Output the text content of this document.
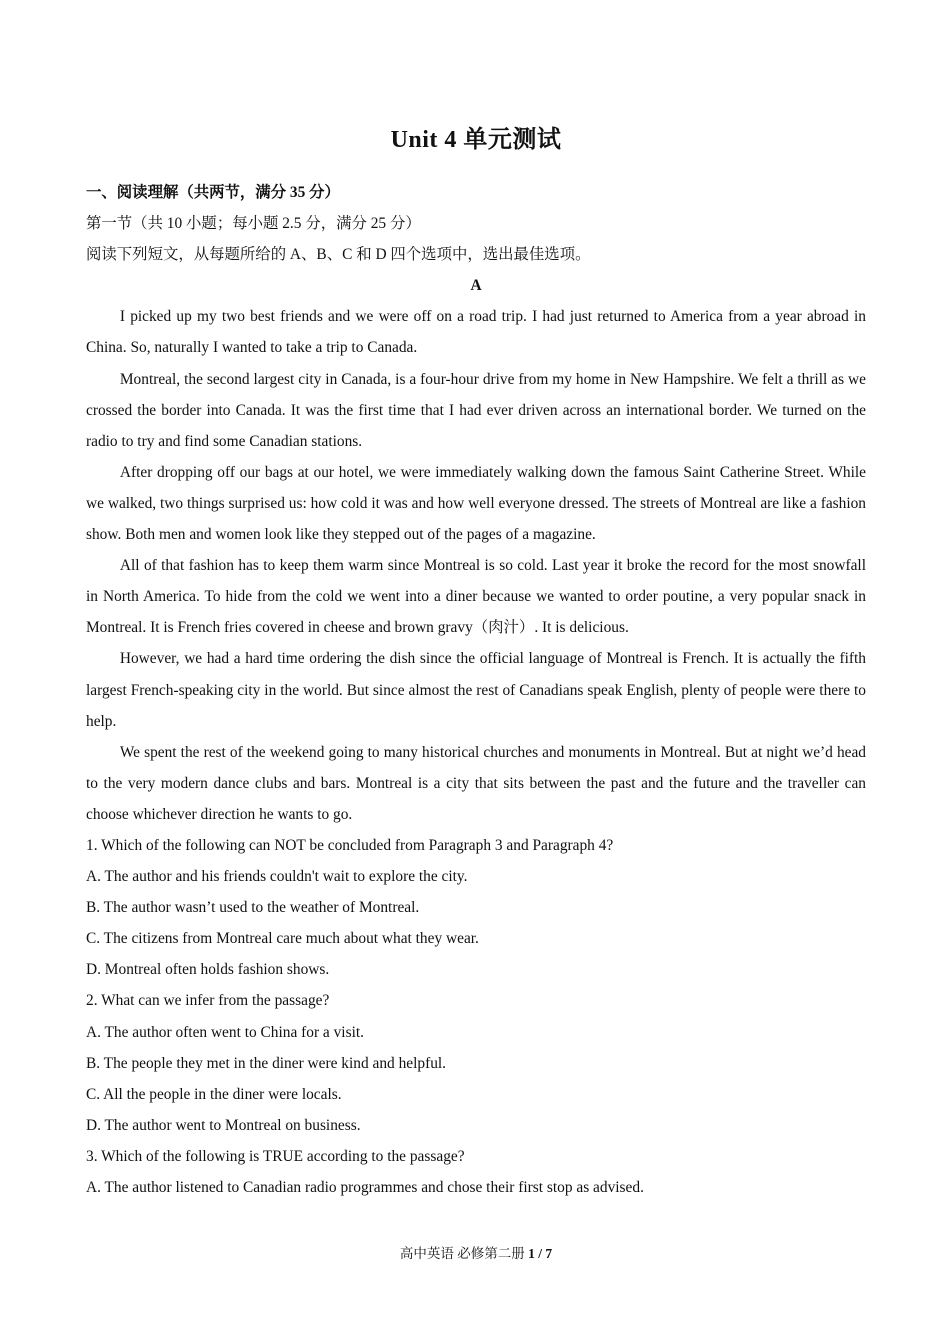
Unit 4 单元测试

一、阅读理解（共两节，满分 35 分）

第一节（共 10 小题；每小题 2.5 分，满分 25 分）

阅读下列短文，从每题所给的 A、B、C 和 D 四个选项中，选出最佳选项。

A

I picked up my two best friends and we were off on a road trip. I had just returned to America from a year abroad in China. So, naturally I wanted to take a trip to Canada.

Montreal, the second largest city in Canada, is a four-hour drive from my home in New Hampshire. We felt a thrill as we crossed the border into Canada. It was the first time that I had ever driven across an international border. We turned on the radio to try and find some Canadian stations.

After dropping off our bags at our hotel, we were immediately walking down the famous Saint Catherine Street. While we walked, two things surprised us: how cold it was and how well everyone dressed. The streets of Montreal are like a fashion show. Both men and women look like they stepped out of the pages of a magazine.

All of that fashion has to keep them warm since Montreal is so cold. Last year it broke the record for the most snowfall in North America. To hide from the cold we went into a diner because we wanted to order poutine, a very popular snack in Montreal. It is French fries covered in cheese and brown gravy（肉汁）. It is delicious.

However, we had a hard time ordering the dish since the official language of Montreal is French. It is actually the fifth largest French-speaking city in the world. But since almost the rest of Canadians speak English, plenty of people were there to help.

We spent the rest of the weekend going to many historical churches and monuments in Montreal. But at night we’d head to the very modern dance clubs and bars. Montreal is a city that sits between the past and the future and the traveller can choose whichever direction he wants to go.

1. Which of the following can NOT be concluded from Paragraph 3 and Paragraph 4?

A. The author and his friends couldn't wait to explore the city.

B. The author wasn’t used to the weather of Montreal.

C. The citizens from Montreal care much about what they wear.

D. Montreal often holds fashion shows.

2. What can we infer from the passage?

A. The author often went to China for a visit.

B. The people they met in the diner were kind and helpful.

C. All the people in the diner were locals.

D. The author went to Montreal on business.

3. Which of the following is TRUE according to the passage?

A. The author listened to Canadian radio programmes and chose their first stop as advised.

高中英语 必修第二册 1 / 7
